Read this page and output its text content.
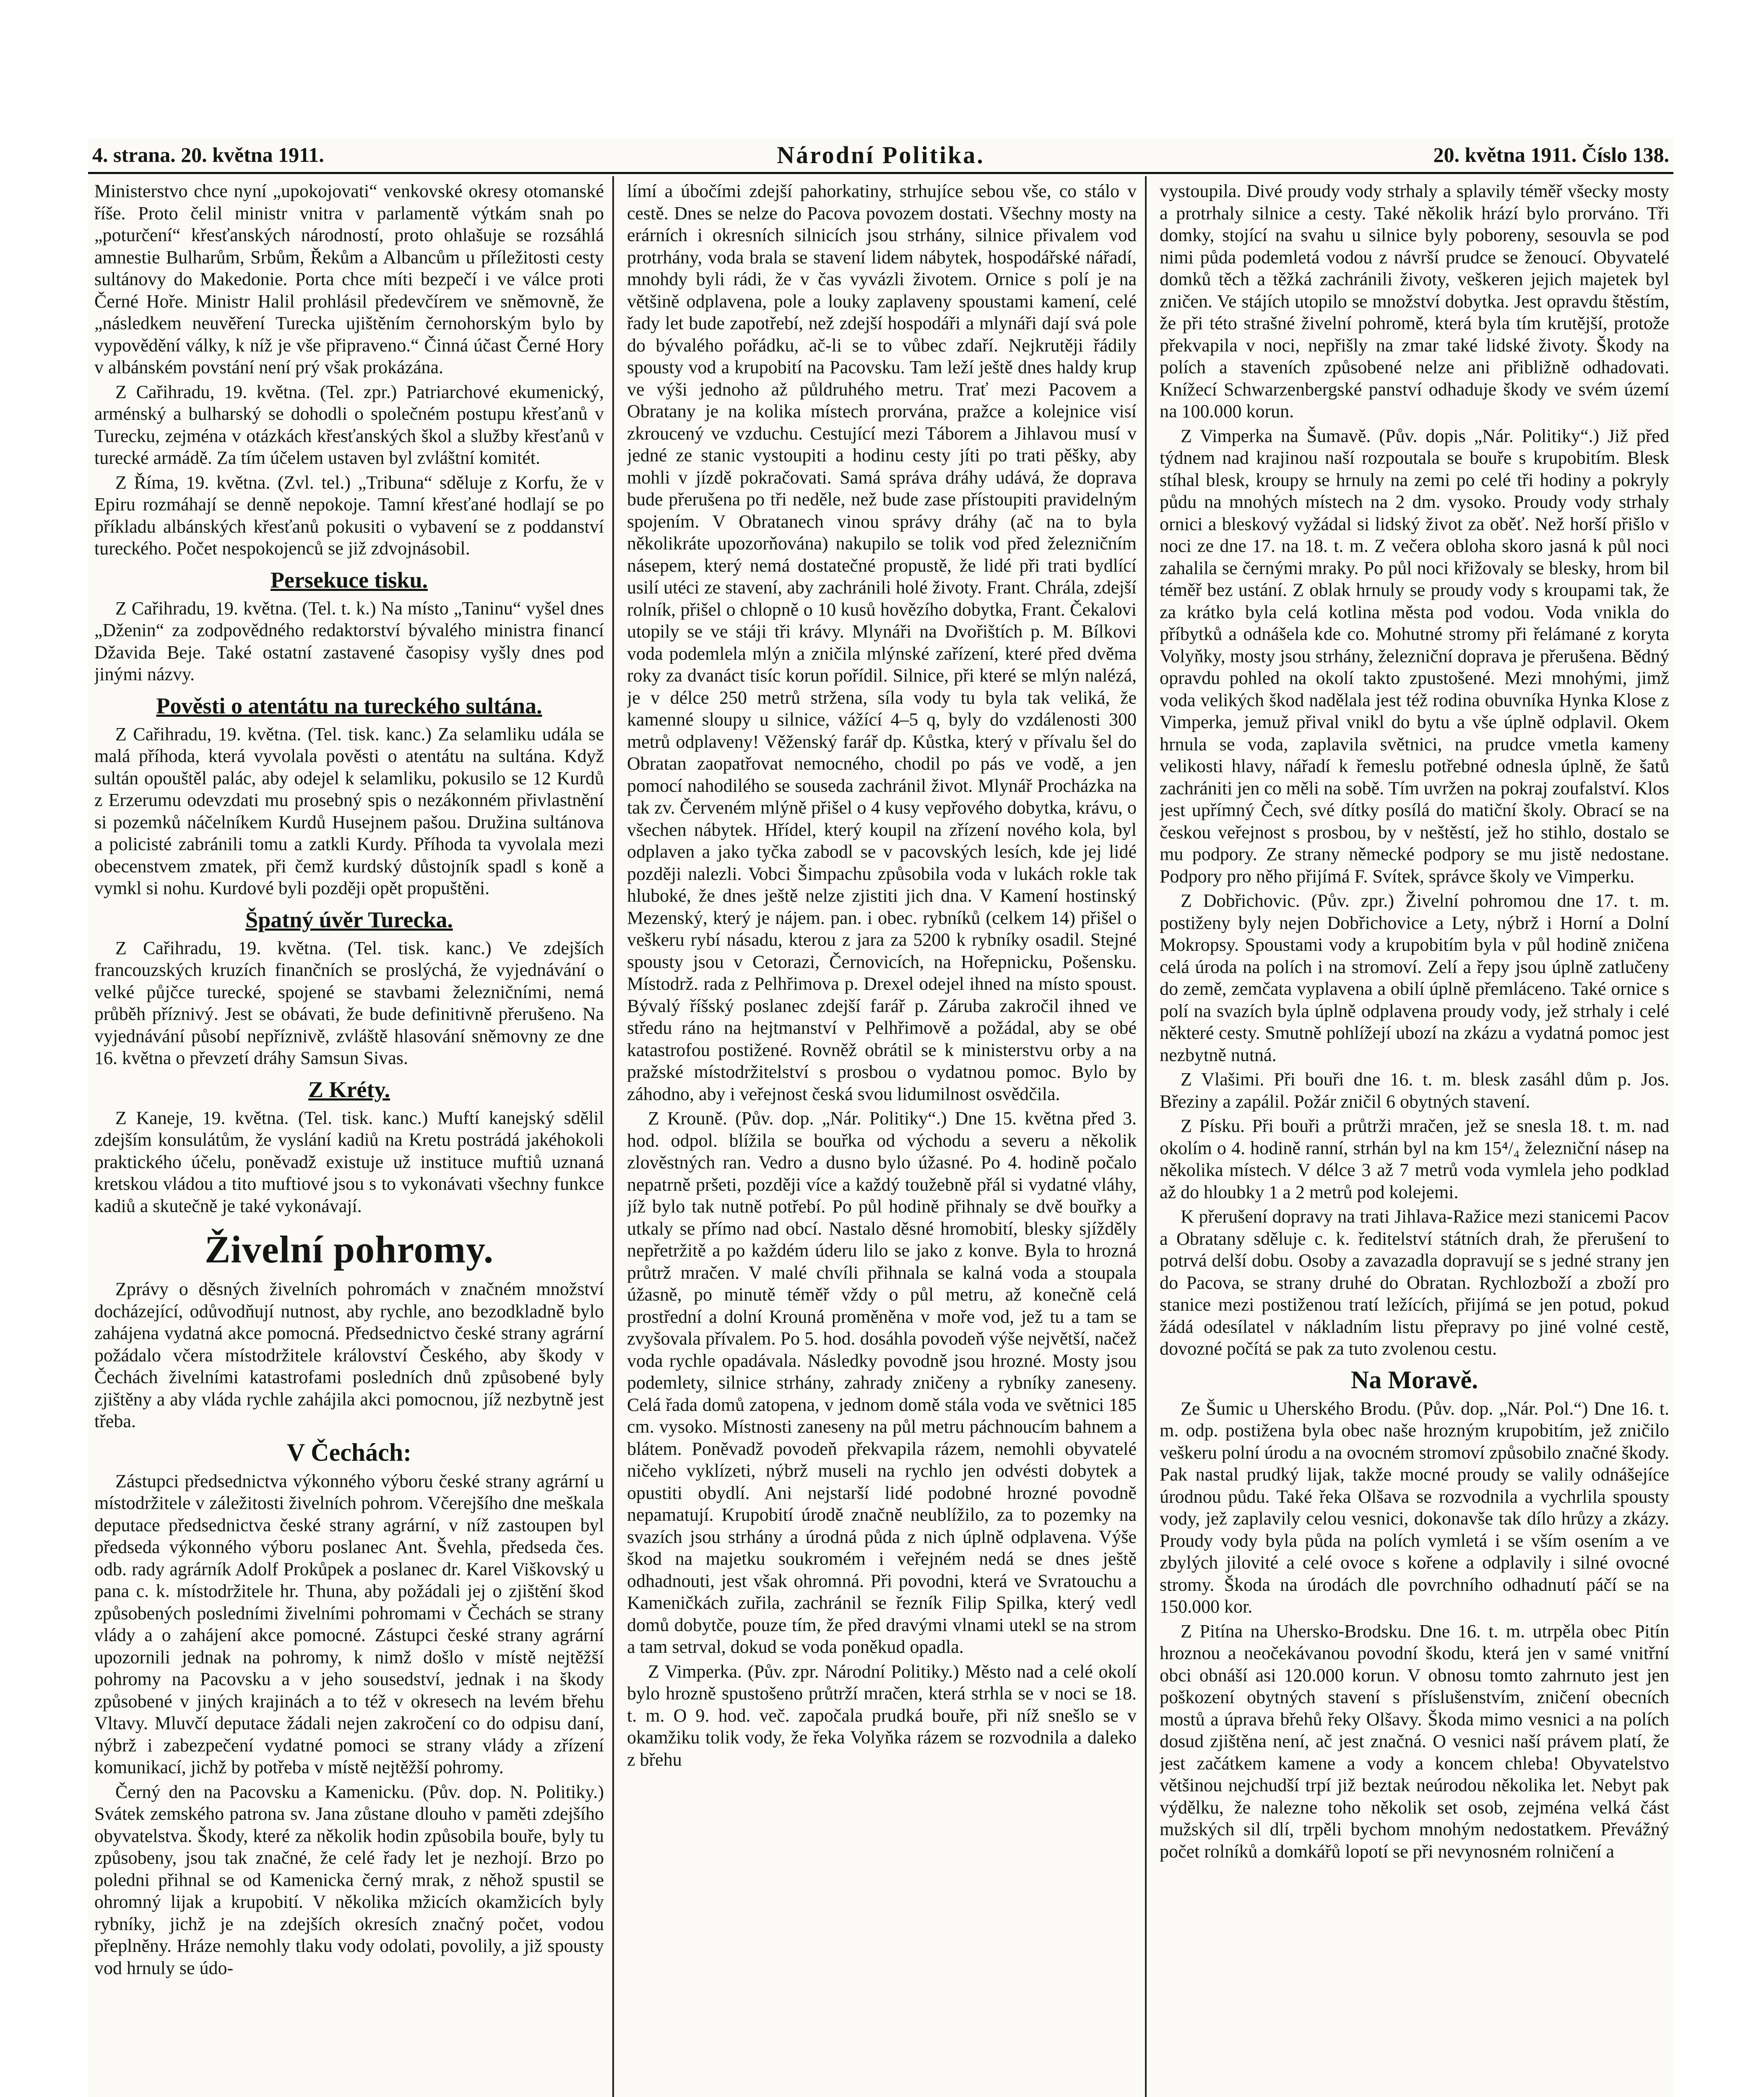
4. strana. 20. května 1911.	Národní Politika.	20. května 1911. Číslo 138.

Ministerstvo chce nyní „upokojovati“ venkovské okresy otomanské říše. Proto čelil ministr vnitra v parlamentě výtkám snah po „poturčení“ křesťanských národností, proto ohlašuje se rozsáhlá amnestie Bulharům, Srbům, Řekům a Albancům u příležitosti cesty sultánovy do Makedonie. Porta chce míti bezpečí i ve válce proti Černé Hoře. Ministr Halil prohlásil předevčírem ve sněmovně, že „následkem neuvěření Turecka ujištěním černohorským bylo by vypovědění války, k níž je vše připraveno.“ Činná účast Černé Hory v albánském povstání není prý však prokázána.

Z Cařihradu, 19. května. (Tel. zpr.) Patriarchové ekumenický, arménský a bulharský se dohodli o společném postupu křesťanů v Turecku, zejména v otázkách křesťanských škol a služby křesťanů v turecké armádě. Za tím účelem ustaven byl zvláštní komitét.

Z Říma, 19. května. (Zvl. tel.) „Tribuna“ sděluje z Korfu, že v Epiru rozmáhají se denně nepokoje. Tamní křesťané hodlají se po příkladu albánských křesťanů pokusiti o vybavení se z poddanství tureckého. Počet nespokojenců se již zdvojnásobil.

Persekuce tisku.

Z Cařihradu, 19. května. (Tel. t. k.) Na místo „Taninu“ vyšel dnes „Dženin“ za zodpovědného redaktorství bývalého ministra financí Džavida Beje. Také ostatní zastavené časopisy vyšly dnes pod jinými názvy.

Pověsti o atentátu na tureckého sultána.

Z Cařihradu, 19. května. (Tel. tisk. kanc.) Za selamliku udála se malá příhoda, která vyvolala pověsti o atentátu na sultána. Když sultán opouštěl palác, aby odejel k selamliku, pokusilo se 12 Kurdů z Erzerumu odevzdati mu prosebný spis o nezákonném přivlastnění si pozemků náčelníkem Kurdů Husejnem pašou. Družina sultánova a policisté zabránili tomu a zatkli Kurdy. Příhoda ta vyvolala mezi obecenstvem zmatek, při čemž kurdský důstojník spadl s koně a vymkl si nohu. Kurdové byli později opět propuštěni.

Špatný úvěr Turecka.

Z Cařihradu, 19. května. (Tel. tisk. kanc.) Ve zdejších francouzských kruzích finančních se proslýchá, že vyjednávání o velké půjčce turecké, spojené se stavbami železničními, nemá průběh příznivý. Jest se obávati, že bude definitivně přerušeno. Na vyjednávání působí nepříznivě, zvláště hlasování sněmovny ze dne 16. května o převzetí dráhy Samsun Sivas.

Z Kréty.

Z Kaneje, 19. května. (Tel. tisk. kanc.) Muftí kanejský sdělil zdejším konsulátům, že vyslání kadiů na Kretu postrádá jakéhokoli praktického účelu, poněvadž existuje už instituce muftiů uznaná kretskou vládou a tito muftiové jsou s to vykonávati všechny funkce kadiů a skutečně je také vykonávají.

Živelní pohromy.

Zprávy o děsných živelních pohromách v značném množství docházející, odůvodňují nutnost, aby rychle, ano bezodkladně bylo zahájena vydatná akce pomocná. Předsednictvo české strany agrární požádalo včera místodržitele království Českého, aby škody v Čechách živelními katastrofami posledních dnů způsobené byly zjištěny a aby vláda rychle zahájila akci pomocnou, jíž nezbytně jest třeba.

V Čechách:

Zástupci předsednictva výkonného výboru české strany agrární u místodržitele v záležitosti živelních pohrom. Včerejšího dne meškala deputace předsednictva české strany agrární, v níž zastoupen byl předseda výkonného výboru poslanec Ant. Švehla, předseda čes. odb. rady agrárník Adolf Prokůpek a poslanec dr. Karel Viškovský u pana c. k. místodržitele hr. Thuna, aby požádali jej o zjištění škod způsobených posledními živelními pohromami v Čechách se strany vlády a o zahájení akce pomocné. Zástupci české strany agrární upozornili jednak na pohromy, k nimž došlo v místě nejtěžší pohromy na Pacovsku a v jeho sousedství, jednak i na škody způsobené v jiných krajinách a to též v okresech na levém břehu Vltavy. Mluvčí deputace žádali nejen zakročení co do odpisu daní, nýbrž i zabezpečení vydatné pomoci se strany vlády a zřízení komunikací, jichž by potřeba v místě nejtěžší pohromy.

Černý den na Pacovsku a Kamenicku. (Pův. dop. N. Politiky.) Svátek zemského patrona sv. Jana zůstane dlouho v paměti zdejšího obyvatelstva. Škody, které za několik hodin způsobila bouře, byly tu způsobeny, jsou tak značné, že celé řady let je nezhojí. Brzo po poledni přihnal se od Kamenicka černý mrak, z něhož spustil se ohromný lijak a krupobití. V několika mžicích okamžicích byly rybníky, jichž je na zdejších okresích značný počet, vodou přeplněny. Hráze nemohly tlaku vody odolati, povolily, a již spousty vod hrnuly se údo-

límí a úbočími zdejší pahorkatiny, strhujíce sebou vše, co stálo v cestě. Dnes se nelze do Pacova povozem dostati. Všechny mosty na erárních i okresních silnicích jsou strhány, silnice přivalem vod protrhány, voda brala se stavení lidem nábytek, hospodářské nářadí, mnohdy byli rádi, že v čas vyvázli životem. Ornice s polí je na většině odplavena, pole a louky zaplaveny spoustami kamení, celé řady let bude zapotřebí, než zdejší hospodáři a mlynáři dají svá pole do bývalého pořádku, ač-li se to vůbec zdaří. Nejkrutěji řádily spousty vod a krupobití na Pacovsku. Tam leží ještě dnes haldy krup ve výši jednoho až půldruhého metru. Trať mezi Pacovem a Obratany je na kolika místech prorvána, pražce a kolejnice visí zkroucený ve vzduchu. Cestující mezi Táborem a Jihlavou musí v jedné ze stanic vystoupiti a hodinu cesty jíti po trati pěšky, aby mohli v jízdě pokračovati. Samá správa dráhy udává, že doprava bude přerušena po tři neděle, než bude zase přístoupiti pravidelným spojením. V Obratanech vinou správy dráhy (ač na to byla několikráte upozorňována) nakupilo se tolik vod před železničním násepem, který nemá dostatečné propustě, že lidé při trati bydlící usilí utéci ze stavení, aby zachránili holé životy. Frant. Chrála, zdejší rolník, přišel o chlopně o 10 kusů hovězího dobytka, Frant. Čekalovi utopily se ve stáji tři krávy. Mlynáři na Dvořištích p. M. Bílkovi voda podemlela mlýn a zničila mlýnské zařízení, které před dvěma roky za dvanáct tisíc korun pořídil. Silnice, při které se mlýn nalézá, je v délce 250 metrů stržena, síla vody tu byla tak veliká, že kamenné sloupy u silnice, vážící 4–5 q, byly do vzdálenosti 300 metrů odplaveny! Věženský farář dp. Kůstka, který v přívalu šel do Obratan zaopatřovat nemocného, chodil po pás ve vodě, a jen pomocí nahodilého se souseda zachránil život. Mlynář Procházka na tak zv. Červeném mlýně přišel o 4 kusy vepřového dobytka, krávu, o všechen nábytek. Hřídel, který koupil na zřízení nového kola, byl odplaven a jako tyčka zabodl se v pacovských lesích, kde jej lidé později nalezli. Vobci Šimpachu způsobila voda v lukách rokle tak hluboké, že dnes ještě nelze zjistiti jich dna. V Kamení hostinský Mezenský, který je nájem. pan. i obec. rybníků (celkem 14) přišel o veškeru rybí násadu, kterou z jara za 5200 k rybníky osadil. Stejné spousty jsou v Cetorazi, Černovicích, na Hořepnicku, Pošensku. Místodrž. rada z Pelhřimova p. Drexel odejel ihned na místo spoust. Bývalý říšský poslanec zdejší farář p. Záruba zakročil ihned ve středu ráno na hejtmanství v Pelhřimově a požádal, aby se obé katastrofou postižené. Rovněž obrátil se k ministerstvu orby a na pražské místodržitelství s prosbou o vydatnou pomoc. Bylo by záhodno, aby i veřejnost česká svou lidumilnost osvědčila.

Z Krouně. (Pův. dop. „Nár. Politiky“.) Dne 15. května před 3. hod. odpol. blížila se bouřka od východu a severu a několik zlověstných ran. Vedro a dusno bylo úžasné. Po 4. hodině počalo nepatrně pršeti, později více a každý toužebně přál si vydatné vláhy, jíž bylo tak nutně potřebí. Po půl hodině přihnaly se dvě bouřky a utkaly se přímo nad obcí. Nastalo děsné hromobití, blesky sjížděly nepřetržitě a po každém úderu lilo se jako z konve. Byla to hrozná průtrž mračen. V malé chvíli přihnala se kalná voda a stoupala úžasně, po minutě téměř vždy o půl metru, až konečně celá prostřední a dolní Krouná proměněna v moře vod, jež tu a tam se zvyšovala přívalem. Po 5. hod. dosáhla povodeň výše největší, načež voda rychle opadávala. Následky povodně jsou hrozné. Mosty jsou podemlety, silnice strhány, zahrady zničeny a rybníky zaneseny. Celá řada domů zatopena, v jednom domě stála voda ve světnici 185 cm. vysoko. Místnosti zaneseny na půl metru páchnoucím bahnem a blátem. Poněvadž povodeň překvapila rázem, nemohli obyvatelé ničeho vyklízeti, nýbrž museli na rychlo jen odvésti dobytek a opustiti obydlí. Ani nejstarší lidé podobné hrozné povodně nepamatují. Krupobití úrodě značně neublížilo, za to pozemky na svazích jsou strhány a úrodná půda z nich úplně odplavena. Výše škod na majetku soukromém i veřejném nedá se dnes ještě odhadnouti, jest však ohromná. Při povodni, která ve Svratouchu a Kameničkách zuřila, zachránil se řezník Filip Spilka, který vedl domů dobytče, pouze tím, že před dravými vlnami utekl se na strom a tam setrval, dokud se voda poněkud opadla.

Z Vimperka. (Pův. zpr. Národní Politiky.) Město nad a celé okolí bylo hrozně spustošeno průtrží mračen, která strhla se v noci se 18. t. m. O 9. hod. več. započala prudká bouře, při níž snešlo se v okamžiku tolik vody, že řeka Volyňka rázem se rozvodnila a daleko z břehu

vystoupila. Divé proudy vody strhaly a splavily téměř všecky mosty a protrhaly silnice a cesty. Také několik hrází bylo prorváno. Tři domky, stojící na svahu u silnice byly poboreny, sesouvla se pod nimi půda podemletá vodou z návrší prudce se ženoucí. Obyvatelé domků těch a těžká zachránili životy, veškeren jejich majetek byl zničen. Ve stájích utopilo se množství dobytka. Jest opravdu štěstím, že při této strašné živelní pohromě, která byla tím krutější, protože překvapila v noci, nepřišly na zmar také lidské životy. Škody na polích a staveních způsobené nelze ani přibližně odhadovati. Knížecí Schwarzenbergské panství odhaduje škody ve svém území na 100.000 korun.

Z Vimperka na Šumavě. (Pův. dopis „Nár. Politiky“.) Již před týdnem nad krajinou naší rozpoutala se bouře s krupobitím. Blesk stíhal blesk, kroupy se hrnuly na zemi po celé tři hodiny a pokryly půdu na mnohých místech na 2 dm. vysoko. Proudy vody strhaly ornici a bleskový vyžádal si lidský život za oběť. Než horší přišlo v noci ze dne 17. na 18. t. m. Z večera obloha skoro jasná k půl noci zahalila se černými mraky. Po půl noci křižovaly se blesky, hrom bil téměř bez ustání. Z oblak hrnuly se proudy vody s kroupami tak, že za krátko byla celá kotlina města pod vodou. Voda vnikla do příbytků a odnášela kde co. Mohutné stromy při řelámané z koryta Volyňky, mosty jsou strhány, železniční doprava je přerušena. Bědný opravdu pohled na okolí takto zpustošené. Mezi mnohými, jimž voda velikých škod nadělala jest též rodina obuvníka Hynka Klose z Vimperka, jemuž přival vnikl do bytu a vše úplně odplavil. Okem hrnula se voda, zaplavila světnici, na prudce vmetla kameny velikosti hlavy, nářadí k řemeslu potřebné odnesla úplně, že šatů zachrániti jen co měli na sobě. Tím uvržen na pokraj zoufalství. Klos jest upřímný Čech, své dítky posílá do matiční školy. Obrací se na českou veřejnost s prosbou, by v neštěstí, jež ho stihlo, dostalo se mu podpory. Ze strany německé podpory se mu jistě nedostane. Podpory pro něho přijímá F. Svítek, správce školy ve Vimperku.

Z Dobřichovic. (Pův. zpr.) Živelní pohromou dne 17. t. m. postiženy byly nejen Dobřichovice a Lety, nýbrž i Horní a Dolní Mokropsy. Spoustami vody a krupobitím byla v půl hodině zničena celá úroda na polích i na stromoví. Zelí a řepy jsou úplně zatlučeny do země, zemčata vyplavena a obilí úplně přemláceno. Také ornice s polí na svazích byla úplně odplavena proudy vody, jež strhaly i celé některé cesty. Smutně pohlížejí ubozí na zkázu a vydatná pomoc jest nezbytně nutná.

Z Vlašimi. Při bouři dne 16. t. m. blesk zasáhl dům p. Jos. Březiny a zapálil. Požár zničil 6 obytných stavení.

Z Písku. Při bouři a průtrži mračen, jež se snesla 18. t. m. nad okolím o 4. hodině ranní, strhán byl na km 15⁴/₄ železniční násep na několika místech. V délce 3 až 7 metrů voda vymlela jeho podklad až do hloubky 1 a 2 metrů pod kolejemi.

K přerušení dopravy na trati Jihlava-Ražice mezi stanicemi Pacov a Obratany sděluje c. k. ředitelství státních drah, že přerušení to potrvá delší dobu. Osoby a zavazadla dopravují se s jedné strany jen do Pacova, se strany druhé do Obratan. Rychlozboží a zboží pro stanice mezi postiženou tratí ležících, přijímá se jen potud, pokud žádá odesílatel v nákladním listu přepravy po jiné volné cestě, dovozné počítá se pak za tuto zvolenou cestu.

Na Moravě.

Ze Šumic u Uherského Brodu. (Pův. dop. „Nár. Pol.“) Dne 16. t. m. odp. postižena byla obec naše hrozným krupobitím, jež zničilo veškeru polní úrodu a na ovocném stromoví způsobilo značné škody. Pak nastal prudký lijak, takže mocné proudy se valily odnášejíce úrodnou půdu. Také řeka Olšava se rozvodnila a vychrlila spousty vody, jež zaplavily celou vesnici, dokonavše tak dílo hrůzy a zkázy. Proudy vody byla půda na polích vymletá i se vším osením a ve zbylých jilovité a celé ovoce s kořene a odplavily i silné ovocné stromy. Škoda na úrodách dle povrchního odhadnutí páčí se na 150.000 kor.

Z Pitína na Uhersko-Brodsku. Dne 16. t. m. utrpěla obec Pitín hroznou a neočekávanou povodní škodu, která jen v samé vnitřní obci obnáší asi 120.000 korun. V obnosu tomto zahrnuto jest jen poškození obytných stavení s příslušenstvím, zničení obecních mostů a úprava břehů řeky Olšavy. Škoda mimo vesnici a na polích dosud zjištěna není, ač jest značná. O vesnici naší právem platí, že jest začátkem kamene a vody a koncem chleba! Obyvatelstvo většinou nejchudší trpí již beztak neúrodou několika let. Nebyt pak výdělku, že nalezne toho několik set osob, zejména velká část mužských sil dlí, trpěli bychom mnohým nedostatkem. Převážný počet rolníků a domkářů lopotí se při nevynosném rolničení a
